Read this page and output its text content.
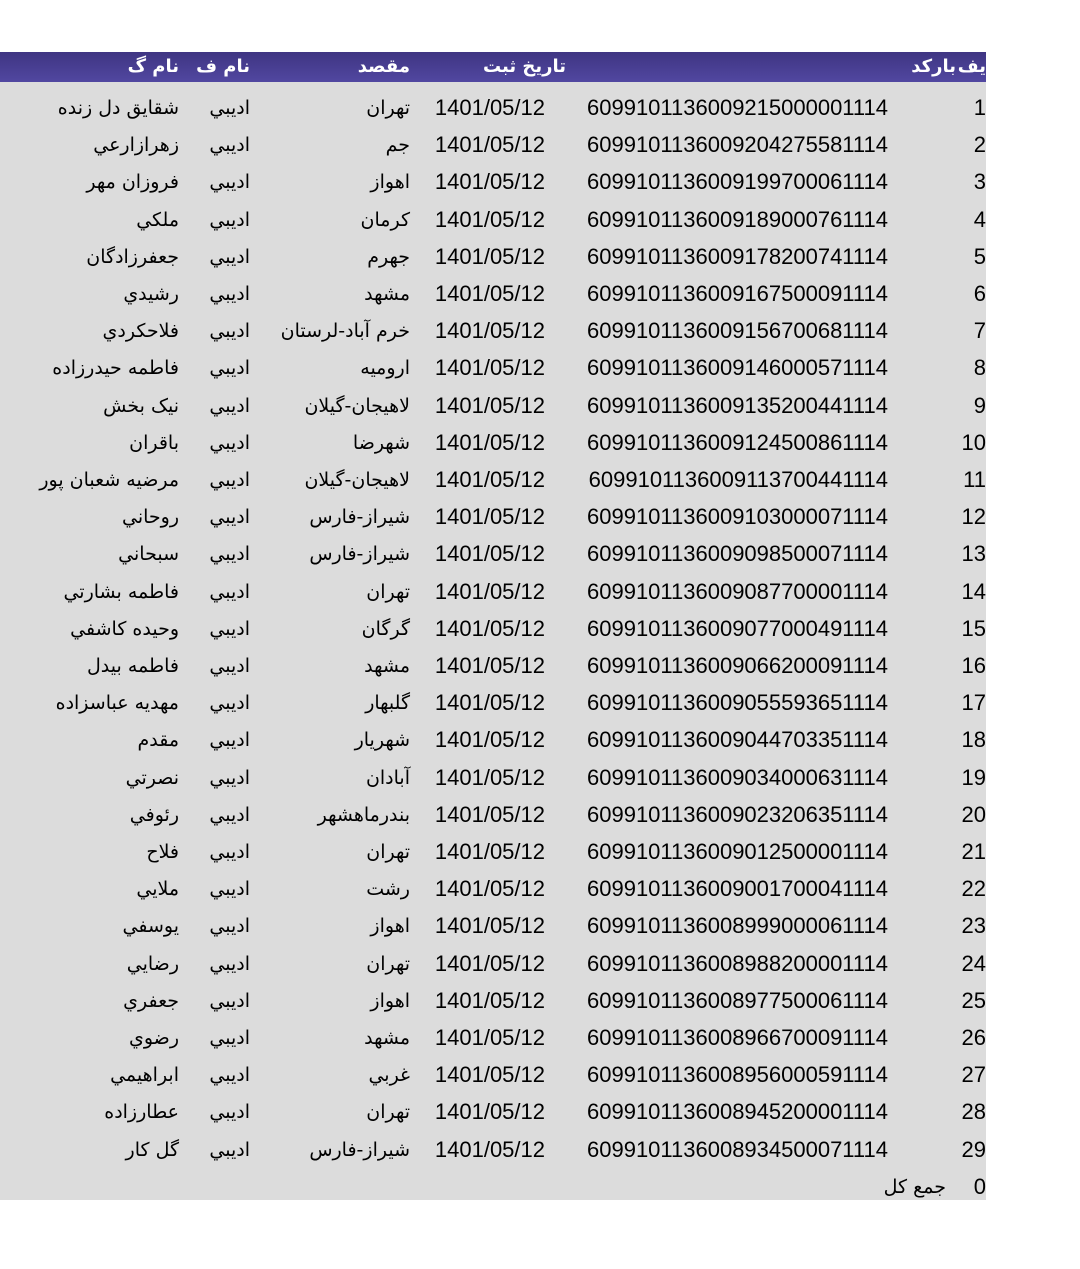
يف
باركد
تاريخ ثبت
مقصد
نام ف
نام گ
1
6099101136009215000001114
1401/05/12
تهران
اديبي
شقايق دل زنده
2
6099101136009204275581114
1401/05/12
جم
اديبي
زهرازارعي
3
6099101136009199700061114
1401/05/12
اهواز
اديبي
فروزان مهر
4
6099101136009189000761114
1401/05/12
كرمان
اديبي
ملكي
5
6099101136009178200741114
1401/05/12
جهرم
اديبي
جعفرزادگان
6
6099101136009167500091114
1401/05/12
مشهد
اديبي
رشيدي
7
6099101136009156700681114
1401/05/12
خرم آباد-لرستان
اديبي
فلاحكردي
8
6099101136009146000571114
1401/05/12
اروميه
اديبي
فاطمه حيدرزاده
9
6099101136009135200441114
1401/05/12
لاهيجان-گيلان
اديبي
نيک بخش
10
6099101136009124500861114
1401/05/12
شهرضا
اديبي
باقران
11
6099101136009113700441114
1401/05/12
لاهيجان-گيلان
اديبي
مرضيه شعبان پور
12
6099101136009103000071114
1401/05/12
شيراز-فارس
اديبي
روحاني
13
6099101136009098500071114
1401/05/12
شيراز-فارس
اديبي
سبحاني
14
6099101136009087700001114
1401/05/12
تهران
اديبي
فاطمه بشارتي
15
6099101136009077000491114
1401/05/12
گرگان
اديبي
وحيده كاشفي
16
6099101136009066200091114
1401/05/12
مشهد
اديبي
فاطمه بيدل
17
6099101136009055593651114
1401/05/12
گلبهار
اديبي
مهديه عباسزاده
18
6099101136009044703351114
1401/05/12
شهريار
اديبي
مقدم
19
6099101136009034000631114
1401/05/12
آبادان
اديبي
نصرتي
20
6099101136009023206351114
1401/05/12
بندرماهشهر
اديبي
رئوفي
21
6099101136009012500001114
1401/05/12
تهران
اديبي
فلاح
22
6099101136009001700041114
1401/05/12
رشت
اديبي
ملايي
23
6099101136008999000061114
1401/05/12
اهواز
اديبي
يوسفي
24
6099101136008988200001114
1401/05/12
تهران
اديبي
رضايي
25
6099101136008977500061114
1401/05/12
اهواز
اديبي
جعفري
26
6099101136008966700091114
1401/05/12
مشهد
اديبي
رضوي
27
6099101136008956000591114
1401/05/12
غربي
اديبي
ابراهيمي
28
6099101136008945200001114
1401/05/12
تهران
اديبي
عطارزاده
29
6099101136008934500071114
1401/05/12
شيراز-فارس
اديبي
گل كار
0
جمع كل
